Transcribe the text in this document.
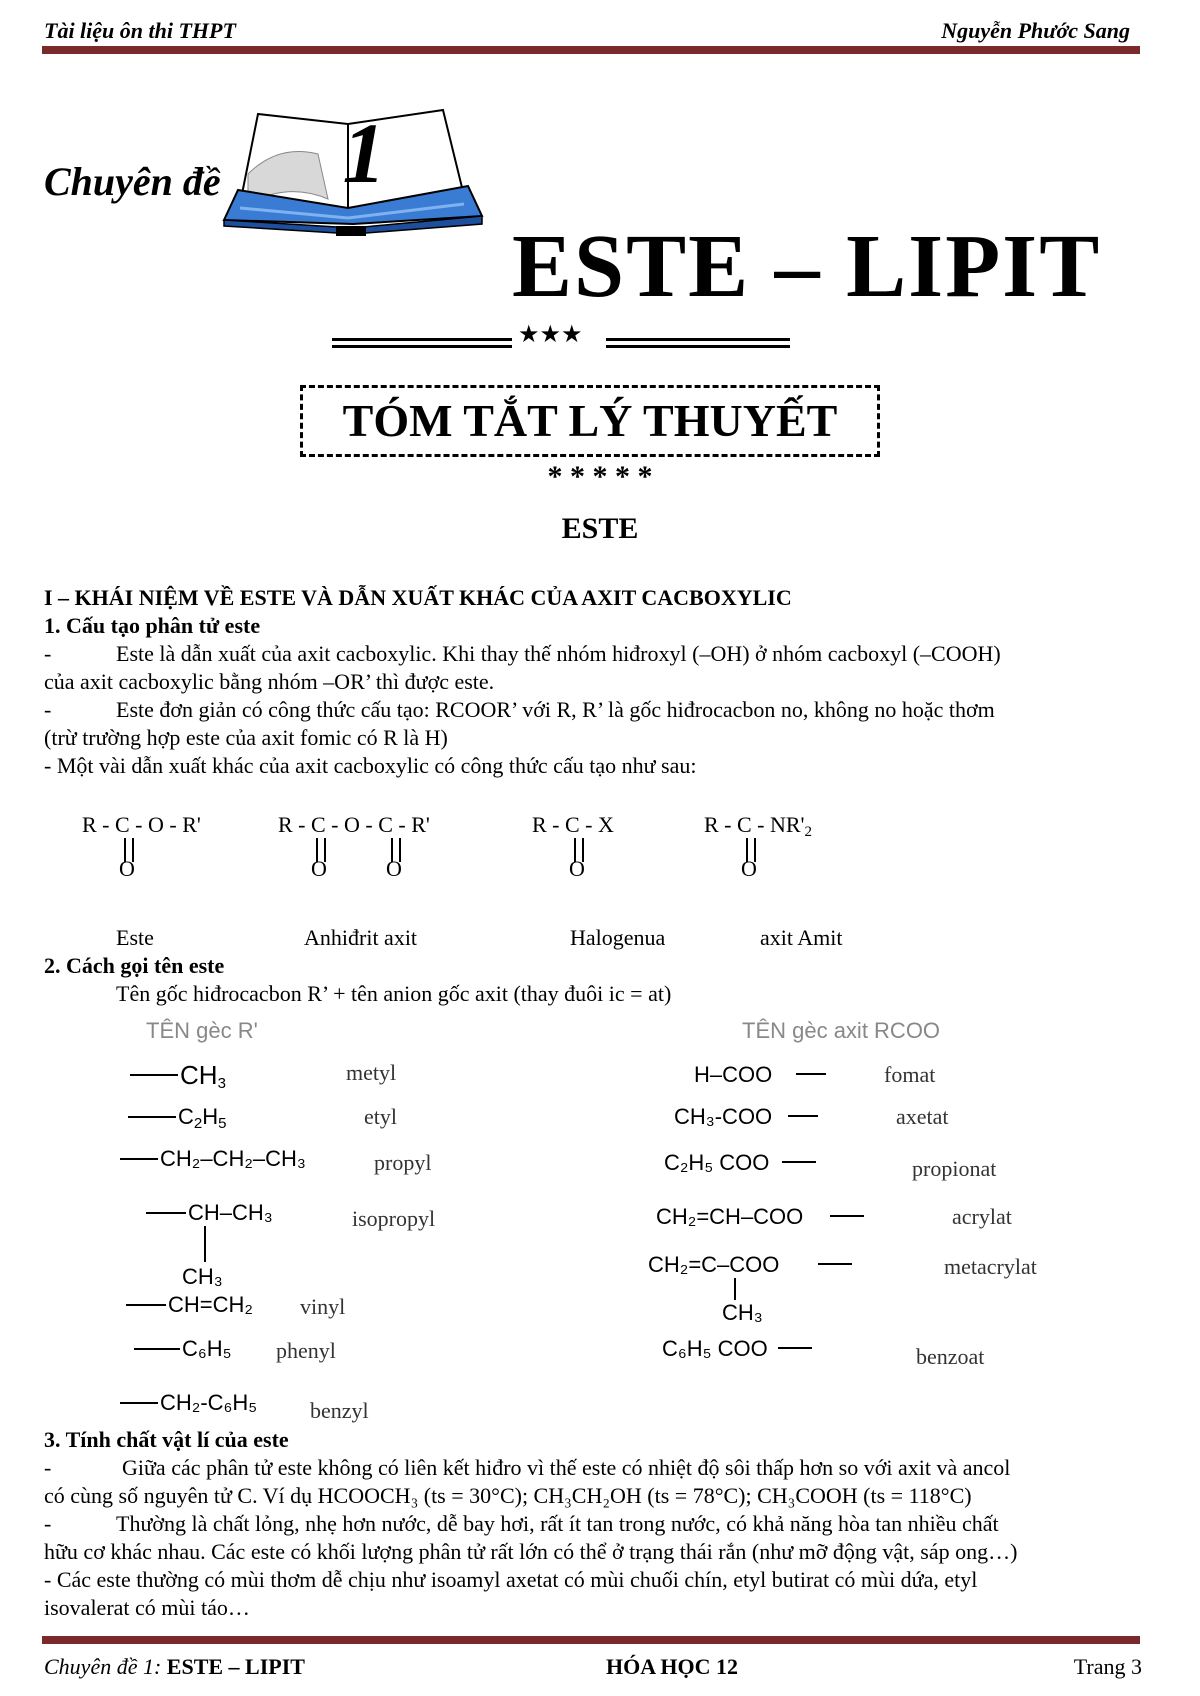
Tài liệu ôn thi THPT	Nguyễn Phước Sang
Chuyên đề 1
ESTE – LIPIT
★★★
TÓM TẮT LÝ THUYẾT
* * * * *
ESTE
I – KHÁI NIỆM VỀ ESTE VÀ DẪN XUẤT KHÁC CỦA AXIT CACBOXYLIC
1. Cấu tạo phân tử este
-	Este là dẫn xuất của axit cacboxylic. Khi thay thế nhóm hiđroxyl (–OH) ở nhóm cacboxyl (–COOH)
của axit cacboxylic bằng nhóm –OR’ thì được este.
-	Este đơn giản có công thức cấu tạo: RCOOR’ với R, R’ là gốc hiđrocacbon no, không no hoặc thơm
(trừ trường hợp este của axit fomic có R là H)
- Một vài dẫn xuất khác của axit cacboxylic có công thức cấu tạo như sau:
R - C - O - R'
O
R - C - O - C - R'
O	O
R - C - X
O
R - C - $NR'_2$
O
Este	Anhiđrit axit	Halogenua	axit Amit
2. Cách gọi tên este
Tên gốc hiđrocacbon R’ + tên anion gốc axit (thay đuôi ic = at)
TÊN gèc R'	TÊN gèc axit RCOO
$CH_3$	metyl
$C_2H_5$	etyl
CH₂–CH₂–CH₃	propyl
CH–CH₃
CH₃
isopropyl
CH=CH₂ vinyl
C₆H₅ phenyl
CH₂-C₆H₅ benzyl
H–COO	fomat
CH₃-COO	axetat
C₂H₅ COO	propionat
CH₂=CH–COO	acrylat
CH₂=C–COO
CH₃
metacrylat
C₆H₅ COO	benzoat
3. Tính chất vật lí của este
-	Giữa các phân tử este không có liên kết hiđro vì thế este có nhiệt độ sôi thấp hơn so với axit và ancol
có cùng số nguyên tử C. Ví dụ HCOOCH₃ (ts = 30°C); CH₃CH₂OH (ts = 78°C); CH₃COOH (ts = 118°C)
-	Thường là chất lỏng, nhẹ hơn nước, dễ bay hơi, rất ít tan trong nước, có khả năng hòa tan nhiều chất
hữu cơ khác nhau. Các este có khối lượng phân tử rất lớn có thể ở trạng thái rắn (như mỡ động vật, sáp ong…)
- Các este thường có mùi thơm dễ chịu như isoamyl axetat có mùi chuối chín, etyl butirat có mùi dứa, etyl
isovalerat có mùi táo…
Chuyên đề 1: ESTE – LIPIT	HÓA HỌC 12	Trang 3
